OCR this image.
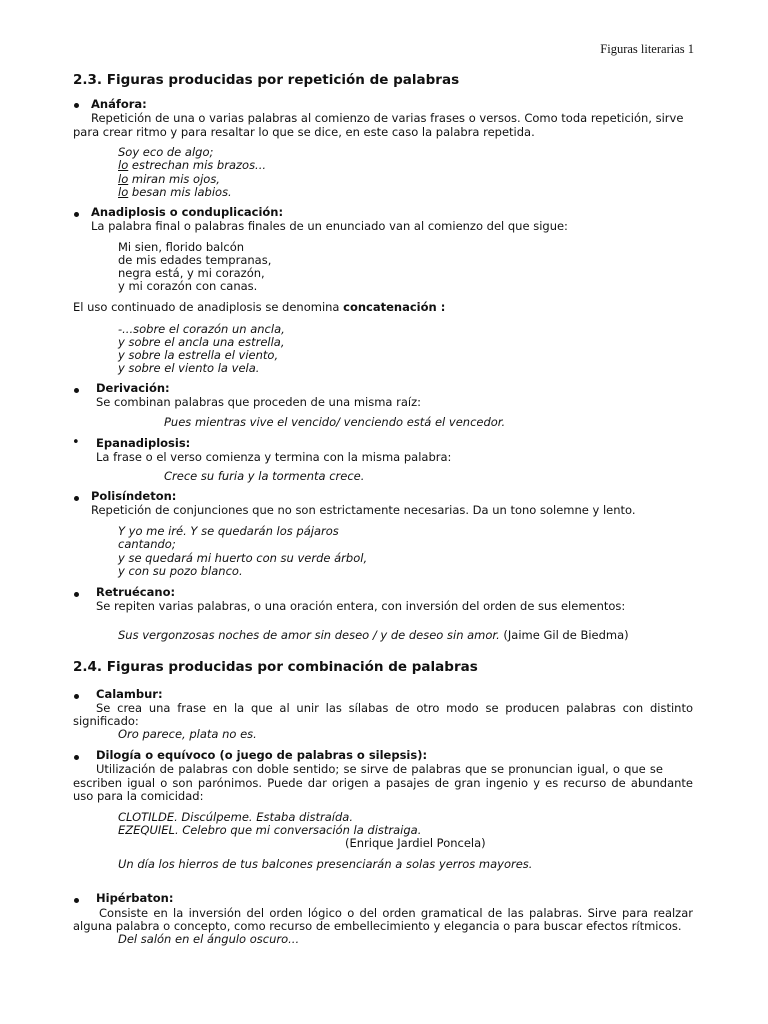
Figuras literarias 1
2.3. Figuras producidas por repetición de palabras
Anáfora:
Repetición de una o varias palabras al comienzo de varias frases o versos. Como toda repetición, sirve
para crear ritmo y para resaltar lo que se dice, en este caso la palabra repetida.
Soy eco de algo;
lo estrechan mis brazos...
lo miran mis ojos,
lo besan mis labios.
Anadiplosis o conduplicación:
La palabra final o palabras finales de un enunciado van al comienzo del que sigue:
Mi sien, florido balcón
de mis edades tempranas,
negra está, y mi corazón,
y mi corazón con canas.
El uso continuado de anadiplosis se denomina concatenación :
-...sobre el corazón un ancla,
y sobre el ancla una estrella,
y sobre la estrella el viento,
y sobre el viento la vela.
Derivación:
Se combinan palabras que proceden de una misma raíz:
Pues mientras vive el vencido/ venciendo está el vencedor.
• Epanadiplosis:
La frase o el verso comienza y termina con la misma palabra:
Crece su furia y la tormenta crece.
Polisíndeton:
Repetición de conjunciones que no son estrictamente necesarias. Da un tono solemne y lento.
Y yo me iré. Y se quedarán los pájaros
cantando;
y se quedará mi huerto con su verde árbol,
y con su pozo blanco.
Retruécano:
Se repiten varias palabras, o una oración entera, con inversión del orden de sus elementos:
Sus vergonzosas noches de amor sin deseo / y de deseo sin amor. (Jaime Gil de Biedma)
2.4. Figuras producidas por combinación de palabras
Calambur:
Se crea una frase en la que al unir las sílabas de otro modo se producen palabras con distinto
significado:
Oro parece, plata no es.
Dilogía o equívoco (o juego de palabras o silepsis):
Utilización de palabras con doble sentido; se sirve de palabras que se pronuncian igual, o que se
escriben igual o son parónimos. Puede dar origen a pasajes de gran ingenio y es recurso de abundante
uso para la comicidad:
CLOTILDE. Discúlpeme. Estaba distraída.
EZEQUIEL. Celebro que mi conversación la distraiga.
(Enrique Jardiel Poncela)
Un día los hierros de tus balcones presenciarán a solas yerros mayores.
Hipérbaton:
Consiste en la inversión del orden lógico o del orden gramatical de las palabras. Sirve para realzar
alguna palabra o concepto, como recurso de embellecimiento y elegancia o para buscar efectos rítmicos.
Del salón en el ángulo oscuro...
